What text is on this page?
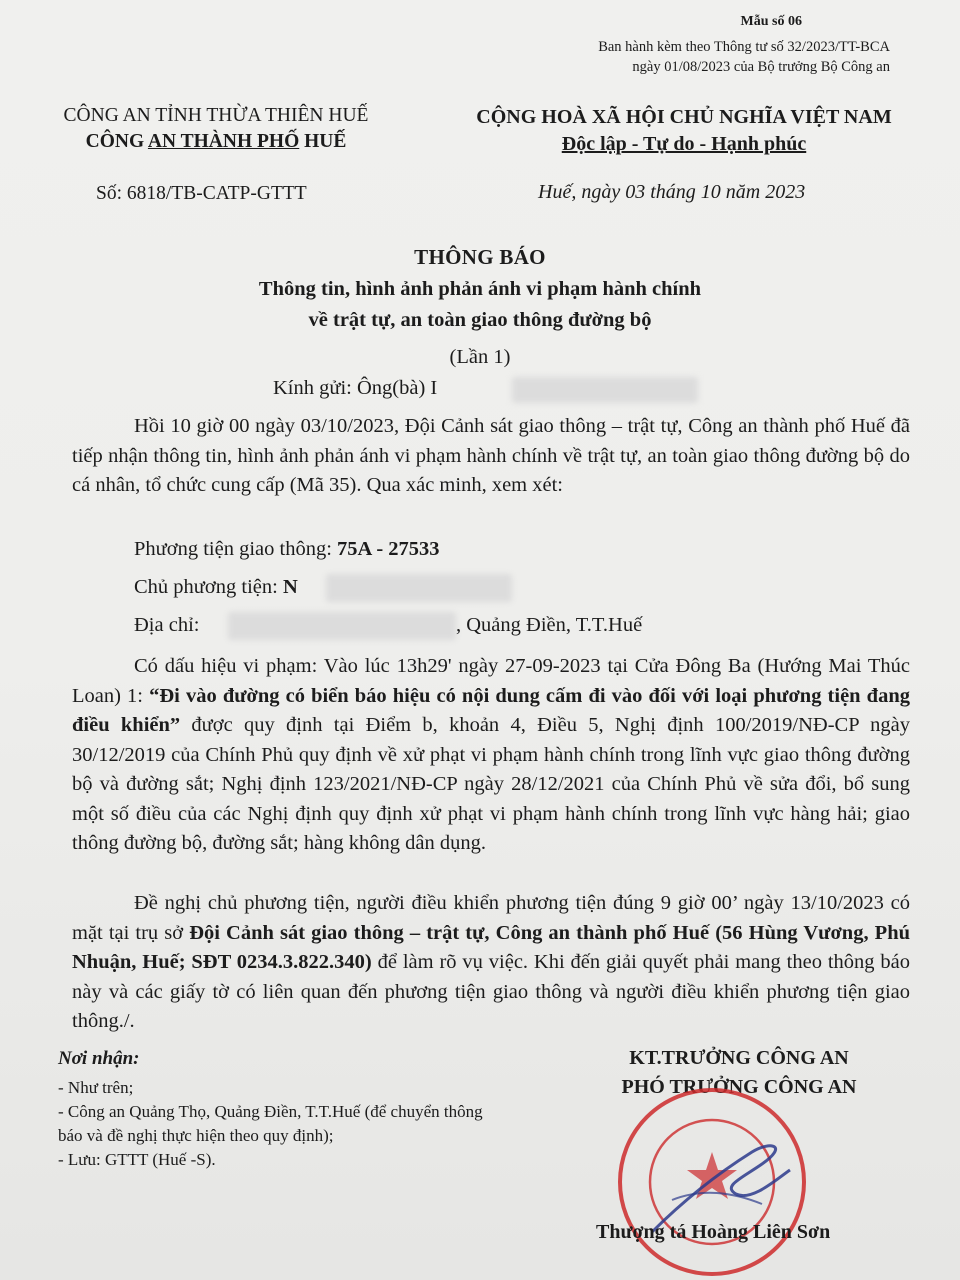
Mẫu số 06
Ban hành kèm theo Thông tư số 32/2023/TT-BCA
ngày 01/08/2023 của Bộ trưởng Bộ Công an
CÔNG AN TỈNH THỪA THIÊN HUẾ
CÔNG AN THÀNH PHỐ HUẾ
CỘNG HOÀ XÃ HỘI CHỦ NGHĨA VIỆT NAM
Độc lập - Tự do - Hạnh phúc
Số: 6818/TB-CATP-GTTT	Huế, ngày 03 tháng 10 năm 2023
THÔNG BÁO
Thông tin, hình ảnh phản ánh vi phạm hành chính
về trật tự, an toàn giao thông đường bộ
(Lần 1)
Kính gửi: Ông(bà) I

Hồi 10 giờ 00 ngày 03/10/2023, Đội Cảnh sát giao thông – trật tự, Công an thành phố Huế đã tiếp nhận thông tin, hình ảnh phản ánh vi phạm hành chính về trật tự, an toàn giao thông đường bộ do cá nhân, tổ chức cung cấp (Mã 35). Qua xác minh, xem xét:

Phương tiện giao thông: 75A - 27533
Chủ phương tiện: N
Địa chỉ:	, Quảng Điền, T.T.Huế

Có dấu hiệu vi phạm: Vào lúc 13h29' ngày 27-09-2023 tại Cửa Đông Ba (Hướng Mai Thúc Loan) 1: “Đi vào đường có biển báo hiệu có nội dung cấm đi vào đối với loại phương tiện đang điều khiển” được quy định tại Điểm b, khoản 4, Điều 5, Nghị định 100/2019/NĐ-CP ngày 30/12/2019 của Chính Phủ quy định về xử phạt vi phạm hành chính trong lĩnh vực giao thông đường bộ và đường sắt; Nghị định 123/2021/NĐ-CP ngày 28/12/2021 của Chính Phủ về sửa đổi, bổ sung một số điều của các Nghị định quy định xử phạt vi phạm hành chính trong lĩnh vực hàng hải; giao thông đường bộ, đường sắt; hàng không dân dụng.

Đề nghị chủ phương tiện, người điều khiển phương tiện đúng 9 giờ 00’ ngày 13/10/2023 có mặt tại trụ sở Đội Cảnh sát giao thông – trật tự, Công an thành phố Huế (56 Hùng Vương, Phú Nhuận, Huế; SĐT 0234.3.822.340) để làm rõ vụ việc. Khi đến giải quyết phải mang theo thông báo này và các giấy tờ có liên quan đến phương tiện giao thông và người điều khiển phương tiện giao thông./.

Nơi nhận:
- Như trên;
- Công an Quảng Thọ, Quảng Điền, T.T.Huế (để chuyển thông báo và đề nghị thực hiện theo quy định);
- Lưu: GTTT (Huế -S).
KT.TRƯỞNG CÔNG AN
PHÓ TRƯỞNG CÔNG AN
Thượng tá Hoàng Liên Sơn
